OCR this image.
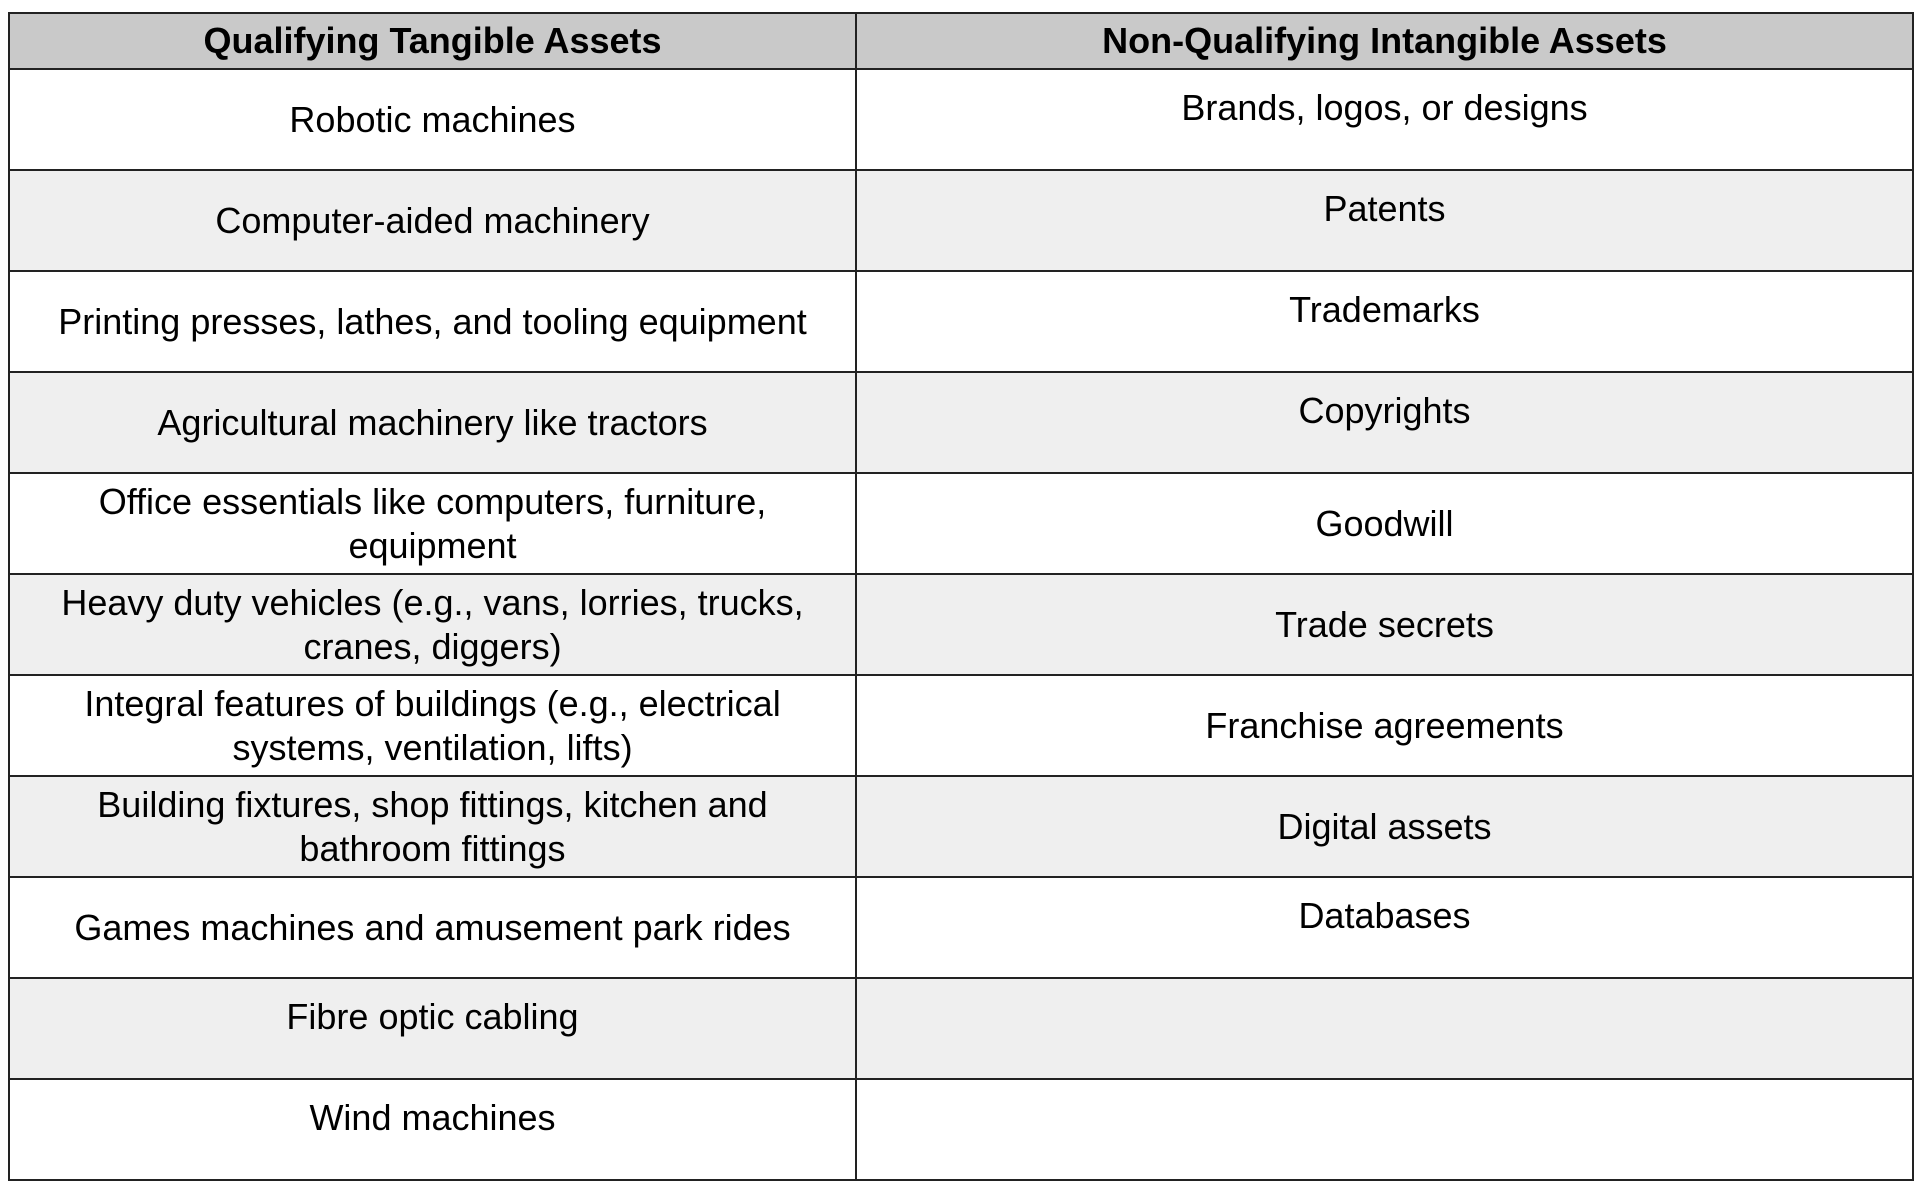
Qualifying Tangible Assets	Non-Qualifying Intangible Assets
Robotic machines	Brands, logos, or designs
Computer-aided machinery	Patents
Printing presses, lathes, and tooling equipment	Trademarks
Agricultural machinery like tractors	Copyrights
Office essentials like computers, furniture, equipment	Goodwill
Heavy duty vehicles (e.g., vans, lorries, trucks, cranes, diggers)	Trade secrets
Integral features of buildings (e.g., electrical systems, ventilation, lifts)	Franchise agreements
Building fixtures, shop fittings, kitchen and bathroom fittings	Digital assets
Games machines and amusement park rides	Databases
Fibre optic cabling	
Wind machines	
